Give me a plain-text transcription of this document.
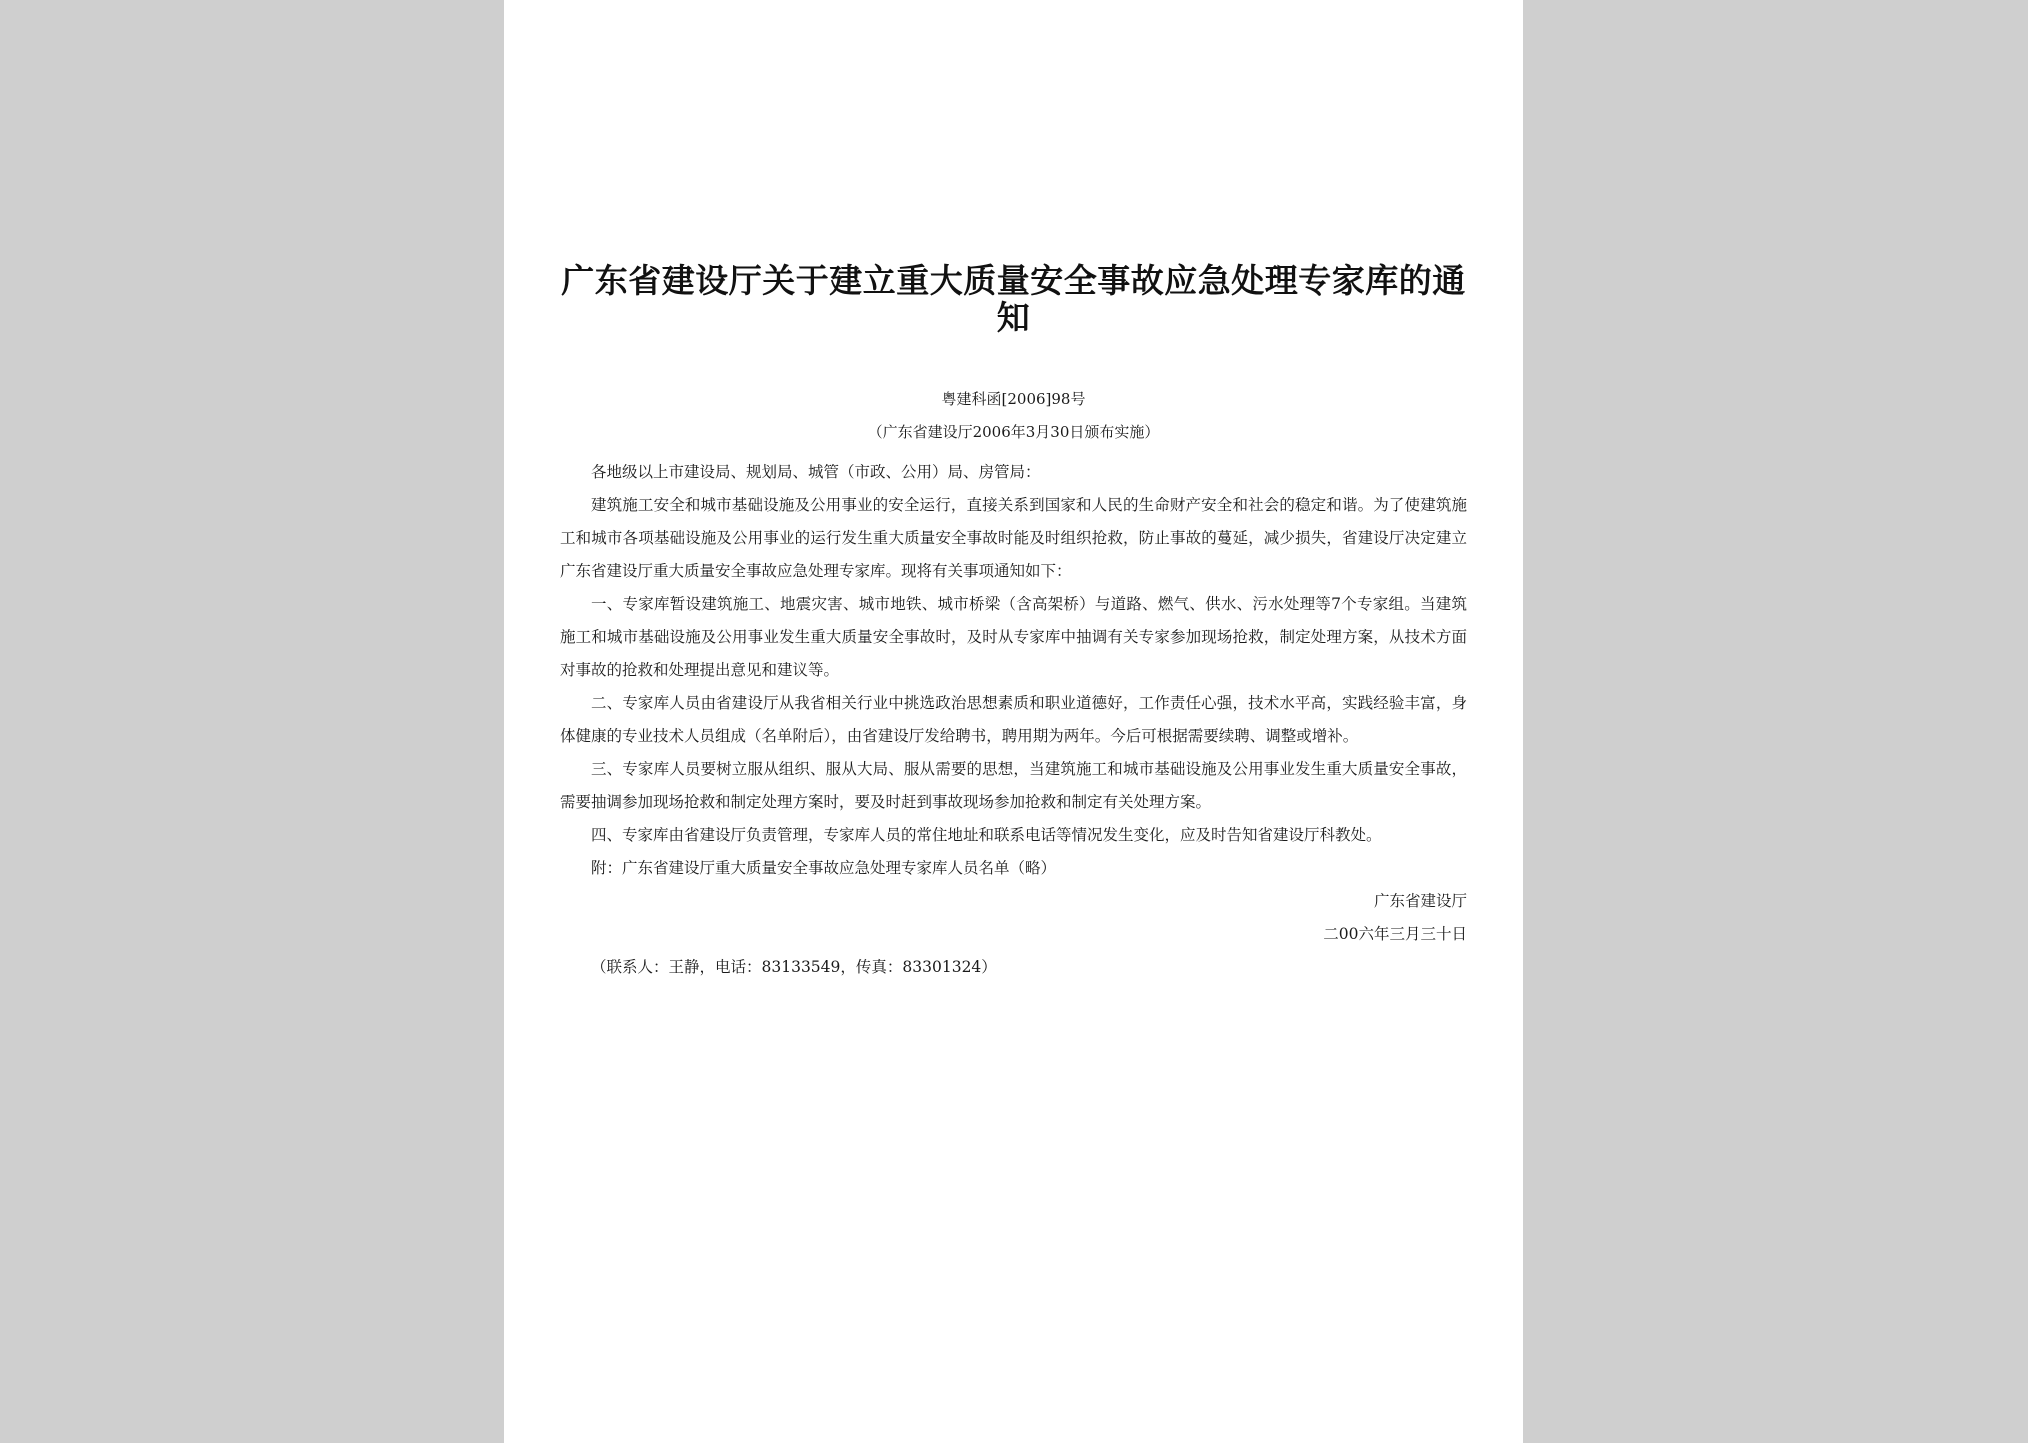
广东省建设厅关于建立重大质量安全事故应急处理专家库的通知
粤建科函[2006]98号
（广东省建设厅2006年3月30日颁布实施）
各地级以上市建设局、规划局、城管（市政、公用）局、房管局：

建筑施工安全和城市基础设施及公用事业的安全运行，直接关系到国家和人民的生命财产安全和社会的稳定和谐。为了使建筑施工和城市各项基础设施及公用事业的运行发生重大质量安全事故时能及时组织抢救，防止事故的蔓延，减少损失，省建设厅决定建立广东省建设厅重大质量安全事故应急处理专家库。现将有关事项通知如下：

一、专家库暂设建筑施工、地震灾害、城市地铁、城市桥梁（含高架桥）与道路、燃气、供水、污水处理等7个专家组。当建筑施工和城市基础设施及公用事业发生重大质量安全事故时，及时从专家库中抽调有关专家参加现场抢救，制定处理方案，从技术方面对事故的抢救和处理提出意见和建议等。

二、专家库人员由省建设厅从我省相关行业中挑选政治思想素质和职业道德好，工作责任心强，技术水平高，实践经验丰富，身体健康的专业技术人员组成（名单附后），由省建设厅发给聘书，聘用期为两年。今后可根据需要续聘、调整或增补。

三、专家库人员要树立服从组织、服从大局、服从需要的思想，当建筑施工和城市基础设施及公用事业发生重大质量安全事故，需要抽调参加现场抢救和制定处理方案时，要及时赶到事故现场参加抢救和制定有关处理方案。

四、专家库由省建设厅负责管理，专家库人员的常住地址和联系电话等情况发生变化，应及时告知省建设厅科教处。

附：广东省建设厅重大质量安全事故应急处理专家库人员名单（略）

广东省建设厅
二00六年三月三十日
（联系人：王静，电话：83133549，传真：83301324）
